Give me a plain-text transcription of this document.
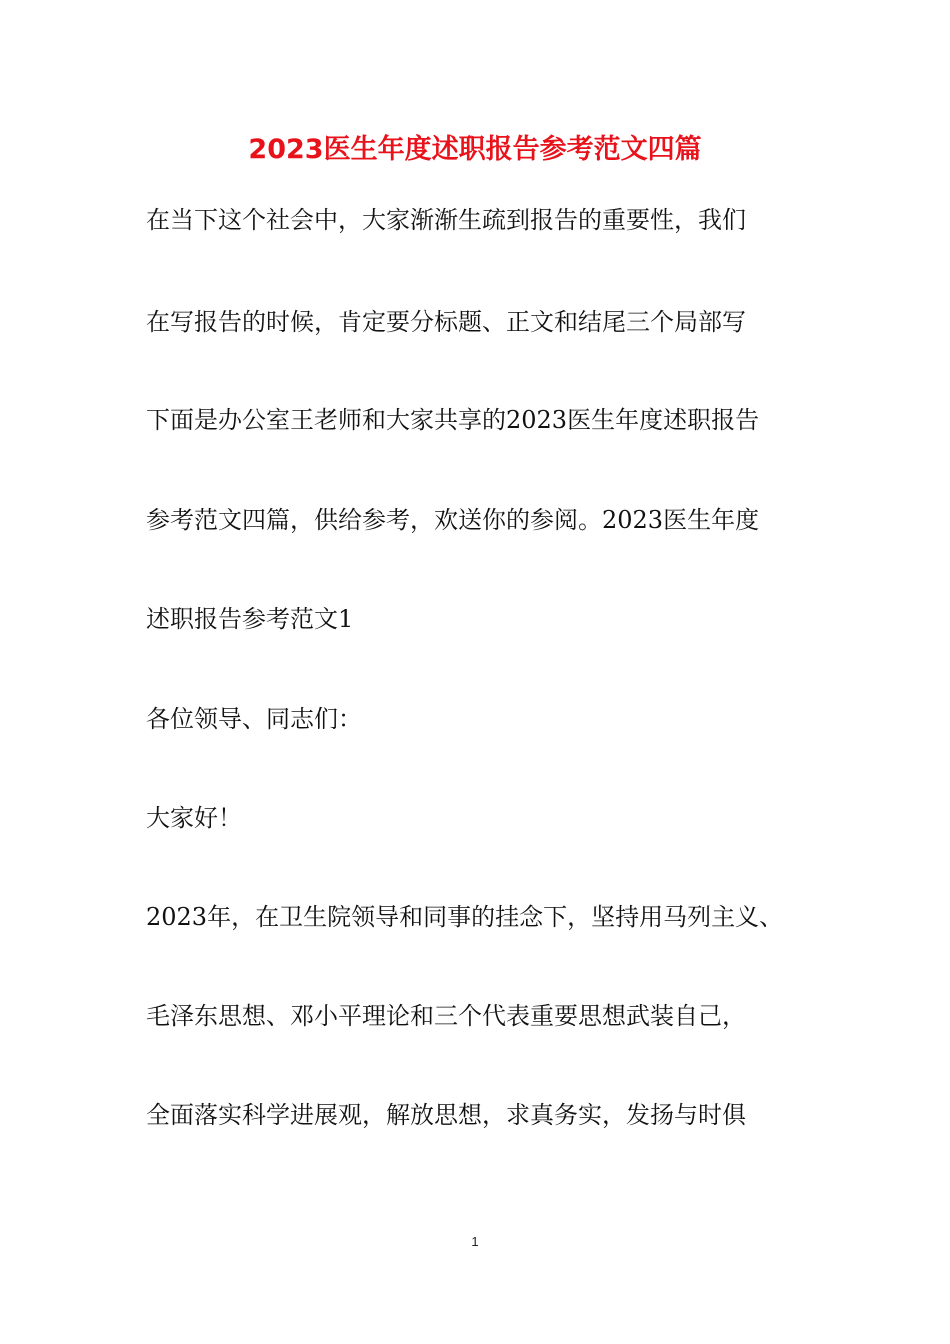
2023医生年度述职报告参考范文四篇
在当下这个社会中，大家渐渐生疏到报告的重要性，我们
在写报告的时候，肯定要分标题、正文和结尾三个局部写
下面是办公室王老师和大家共享的2023医生年度述职报告
参考范文四篇，供给参考，欢送你的参阅。2023医生年度
述职报告参考范文1
各位领导、同志们：
大家好！
2023年，在卫生院领导和同事的挂念下，坚持用马列主义、
毛泽东思想、邓小平理论和三个代表重要思想武装自己，
全面落实科学进展观，解放思想，求真务实，发扬与时俱
1
